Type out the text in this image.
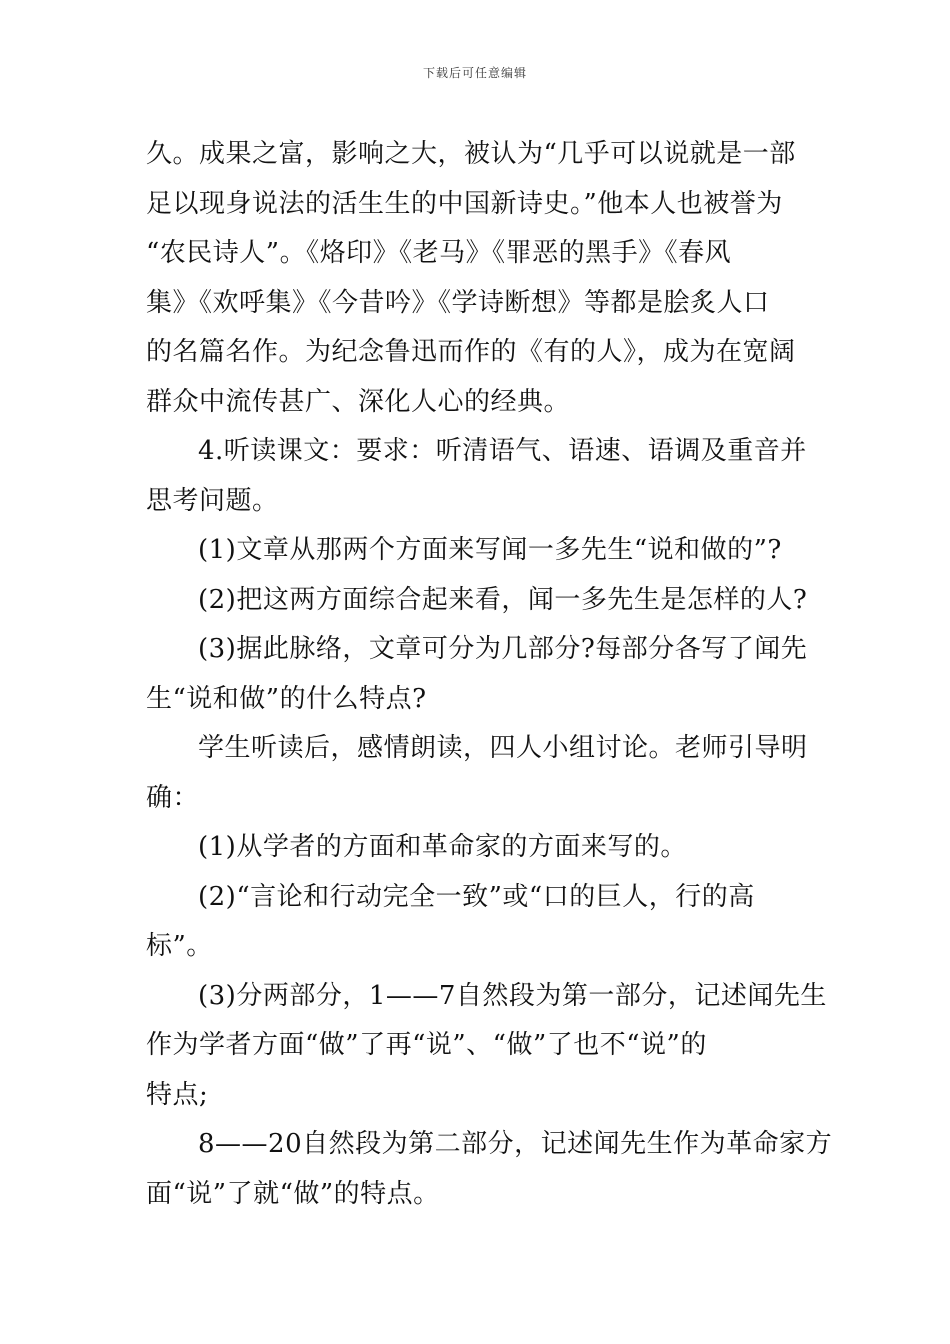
下载后可任意编辑
久。成果之富，影响之大，被认为“几乎可以说就是一部
足以现身说法的活生生的中国新诗史。”他本人也被誉为
“农民诗人”。《烙印》《老马》《罪恶的黑手》《春风
集》《欢呼集》《今昔吟》《学诗断想》等都是脍炙人口
的名篇名作。为纪念鲁迅而作的《有的人》，成为在宽阔
群众中流传甚广、深化人心的经典。
4.听读课文：要求：听清语气、语速、语调及重音并
思考问题。
(1)文章从那两个方面来写闻一多先生“说和做的”?
(2)把这两方面综合起来看，闻一多先生是怎样的人?
(3)据此脉络，文章可分为几部分?每部分各写了闻先
生“说和做”的什么特点?
学生听读后，感情朗读，四人小组讨论。老师引导明
确：
(1)从学者的方面和革命家的方面来写的。
(2)“言论和行动完全一致”或“口的巨人，行的高
标”。
(3)分两部分，1——7自然段为第一部分，记述闻先生
作为学者方面“做”了再“说”、“做”了也不“说”的
特点;
8——20自然段为第二部分，记述闻先生作为革命家方
面“说”了就“做”的特点。
